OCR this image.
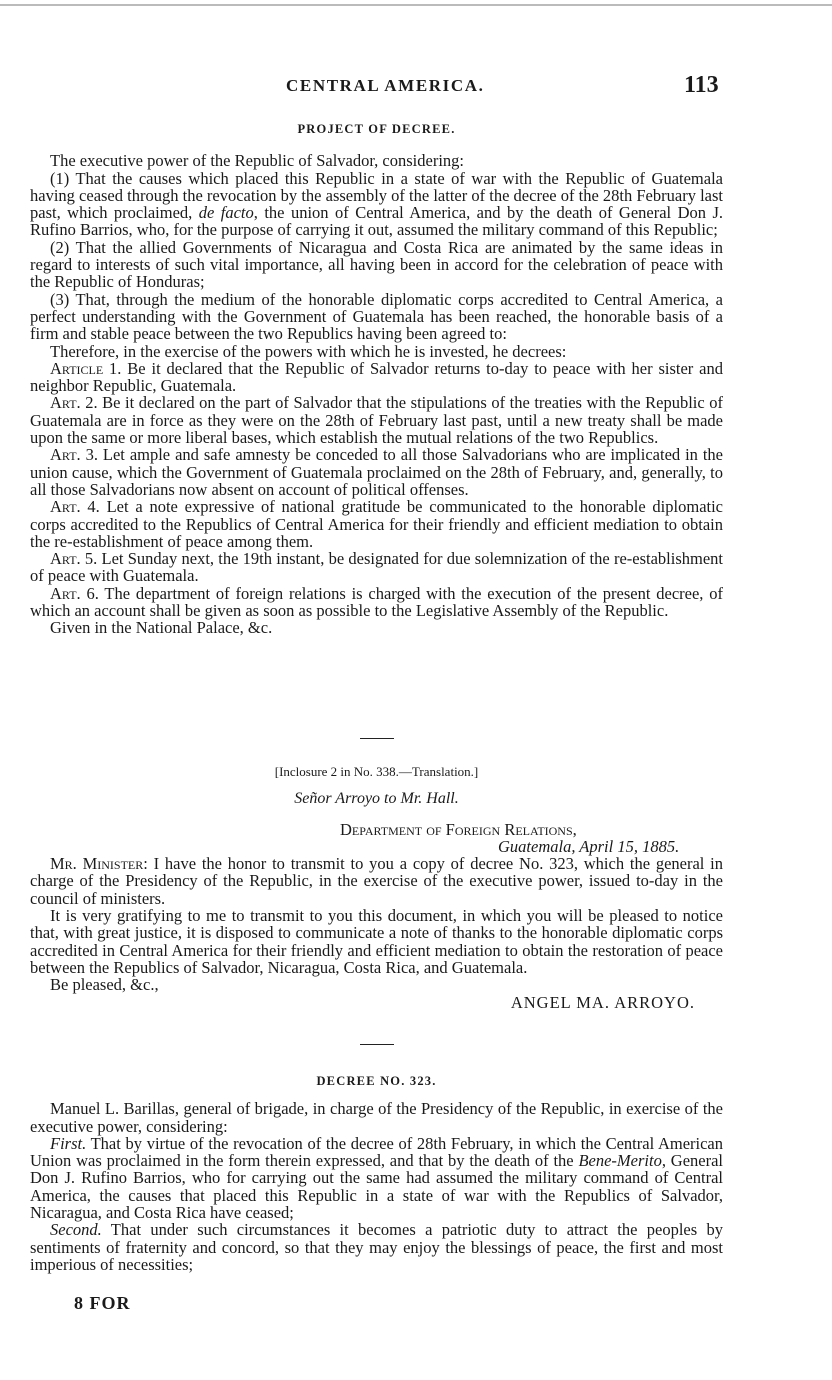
CENTRAL AMERICA.	113
PROJECT OF DECREE.

The executive power of the Republic of Salvador, considering:

(1) That the causes which placed this Republic in a state of war with the Republic of Guatemala having ceased through the revocation by the assembly of the latter of the decree of the 28th February last past, which proclaimed, de facto, the union of Central America, and by the death of General Don J. Rufino Barrios, who, for the purpose of carrying it out, assumed the military command of this Republic;

(2) That the allied Governments of Nicaragua and Costa Rica are animated by the same ideas in regard to interests of such vital importance, all having been in accord for the celebration of peace with the Republic of Honduras;

(3) That, through the medium of the honorable diplomatic corps accredited to Central America, a perfect understanding with the Government of Guatemala has been reached, the honorable basis of a firm and stable peace between the two Republics having been agreed to:

Therefore, in the exercise of the powers with which he is invested, he decrees:

Article 1. Be it declared that the Republic of Salvador returns to-day to peace with her sister and neighbor Republic, Guatemala.

Art. 2. Be it declared on the part of Salvador that the stipulations of the treaties with the Republic of Guatemala are in force as they were on the 28th of February last past, until a new treaty shall be made upon the same or more liberal bases, which establish the mutual relations of the two Republics.

Art. 3. Let ample and safe amnesty be conceded to all those Salvadorians who are implicated in the union cause, which the Government of Guatemala proclaimed on the 28th of February, and, generally, to all those Salvadorians now absent on account of political offenses.

Art. 4. Let a note expressive of national gratitude be communicated to the honorable diplomatic corps accredited to the Republics of Central America for their friendly and efficient mediation to obtain the re-establishment of peace among them.

Art. 5. Let Sunday next, the 19th instant, be designated for due solemnization of the re-establishment of peace with Guatemala.

Art. 6. The department of foreign relations is charged with the execution of the present decree, of which an account shall be given as soon as possible to the Legislative Assembly of the Republic.

Given in the National Palace, &c.

[Inclosure 2 in No. 338.—Translation.]
Señor Arroyo to Mr. Hall.
Department of Foreign Relations,
Guatemala, April 15, 1885.

Mr. Minister: I have the honor to transmit to you a copy of decree No. 323, which the general in charge of the Presidency of the Republic, in the exercise of the executive power, issued to-day in the council of ministers.

It is very gratifying to me to transmit to you this document, in which you will be pleased to notice that, with great justice, it is disposed to communicate a note of thanks to the honorable diplomatic corps accredited in Central America for their friendly and efficient mediation to obtain the restoration of peace between the Republics of Salvador, Nicaragua, Costa Rica, and Guatemala.

Be pleased, &c.,

ANGEL MA. ARROYO.
DECREE NO. 323.

Manuel L. Barillas, general of brigade, in charge of the Presidency of the Republic, in exercise of the executive power, considering:

First. That by virtue of the revocation of the decree of 28th February, in which the Central American Union was proclaimed in the form therein expressed, and that by the death of the Bene-Merito, General Don J. Rufino Barrios, who for carrying out the same had assumed the military command of Central America, the causes that placed this Republic in a state of war with the Republics of Salvador, Nicaragua, and Costa Rica have ceased;

Second. That under such circumstances it becomes a patriotic duty to attract the peoples by sentiments of fraternity and concord, so that they may enjoy the blessings of peace, the first and most imperious of necessities;

8 FOR
